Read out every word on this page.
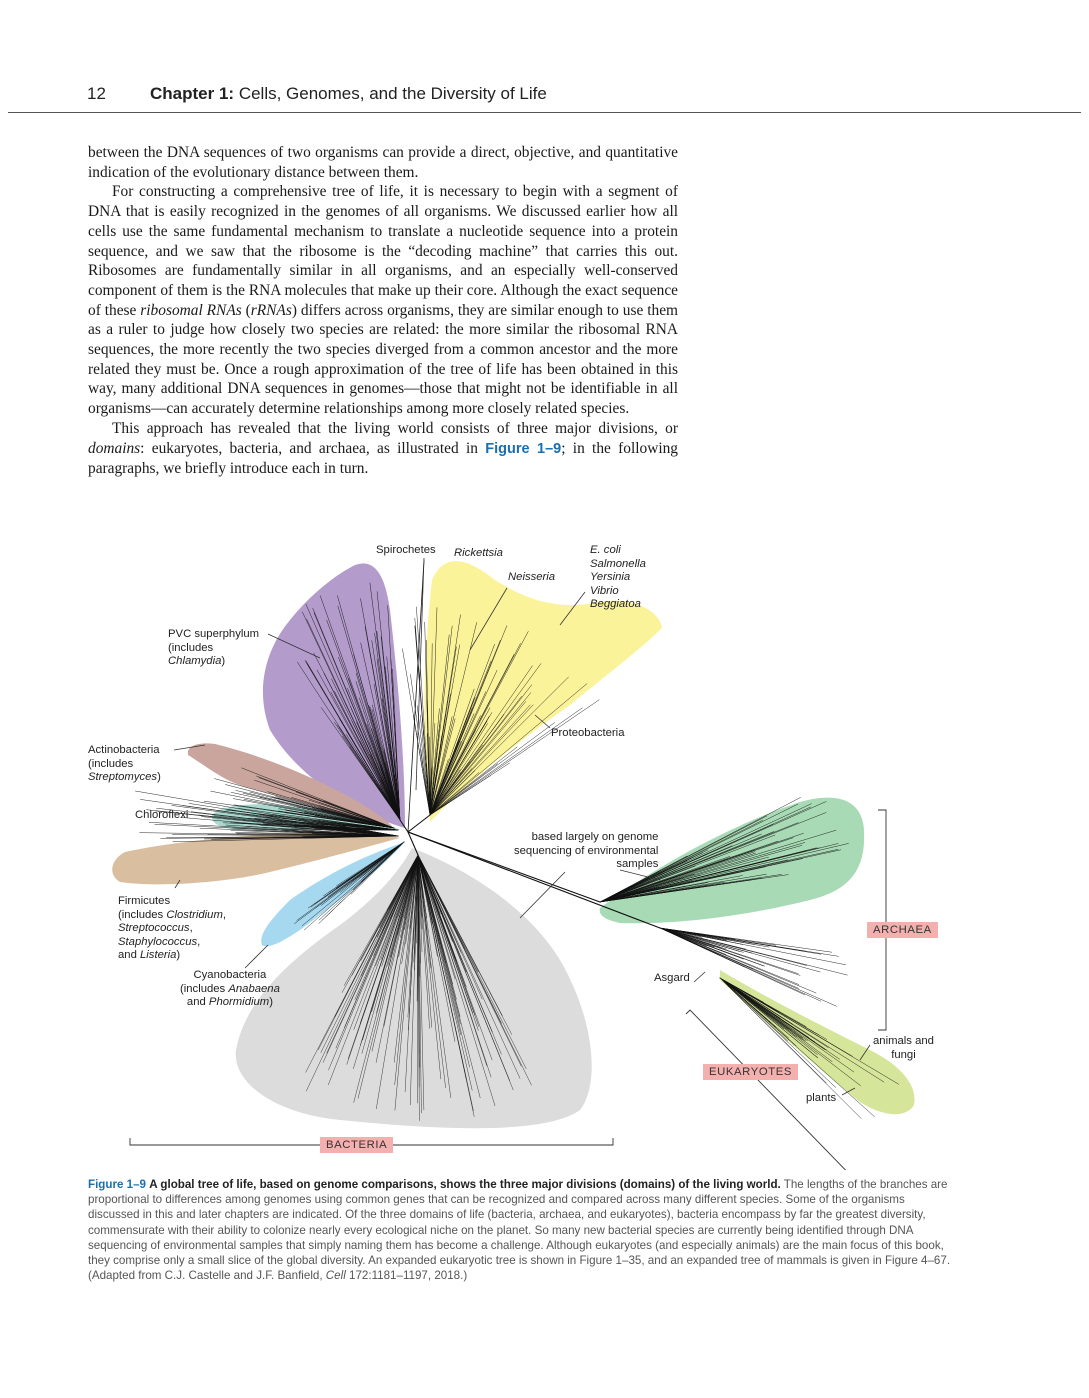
12	Chapter 1: Cells, Genomes, and the Diversity of Life

between the DNA sequences of two organisms can provide a direct, objective, and quantitative indication of the evolutionary distance between them.

For constructing a comprehensive tree of life, it is necessary to begin with a segment of DNA that is easily recognized in the genomes of all organisms. We discussed earlier how all cells use the same fundamental mechanism to translate a nucleotide sequence into a protein sequence, and we saw that the ribosome is the “decoding machine” that carries this out. Ribosomes are fundamentally similar in all organisms, and an especially well-conserved component of them is the RNA molecules that make up their core. Although the exact sequence of these ribosomal RNAs (rRNAs) differs across organisms, they are similar enough to use them as a ruler to judge how closely two species are related: the more similar the ribosomal RNA sequences, the more recently the two species diverged from a common ancestor and the more related they must be. Once a rough approximation of the tree of life has been obtained in this way, many additional DNA sequences in genomes—those that might not be identifiable in all organisms—can accurately determine relationships among more closely related species.

This approach has revealed that the living world consists of three major divisions, or domains: eukaryotes, bacteria, and archaea, as illustrated in Figure 1–9; in the following paragraphs, we briefly introduce each in turn.

Spirochetes Rickettsia
Neisseria
E. coli
Salmonella
Yersinia
Vibrio
Beggiatoa
PVC superphylum
(includes
Chlamydia)
Proteobacteria
Actinobacteria
(includes
Streptomyces)
Chloroflexi
based largely on genome
sequencing of environmental
samples
Firmicutes
(includes Clostridium,
Streptococcus,
Staphylococcus,
and Listeria)
Cyanobacteria
(includes Anabaena
and Phormidium)
Asgard
animals and
fungi
plants
ARCHAEA
EUKARYOTES
BACTERIA
Figure 1–9 A global tree of life, based on genome comparisons, shows the three major divisions (domains) of the living world. The lengths of the branches are proportional to differences among genomes using common genes that can be recognized and compared across many different species. Some of the organisms discussed in this and later chapters are indicated. Of the three domains of life (bacteria, archaea, and eukaryotes), bacteria encompass by far the greatest diversity, commensurate with their ability to colonize nearly every ecological niche on the planet. So many new bacterial species are currently being identified through DNA sequencing of environmental samples that simply naming them has become a challenge. Although eukaryotes (and especially animals) are the main focus of this book, they comprise only a small slice of the global diversity. An expanded eukaryotic tree is shown in Figure 1–35, and an expanded tree of mammals is given in Figure 4–67. (Adapted from C.J. Castelle and J.F. Banfield, Cell 172:1181–1197, 2018.)
